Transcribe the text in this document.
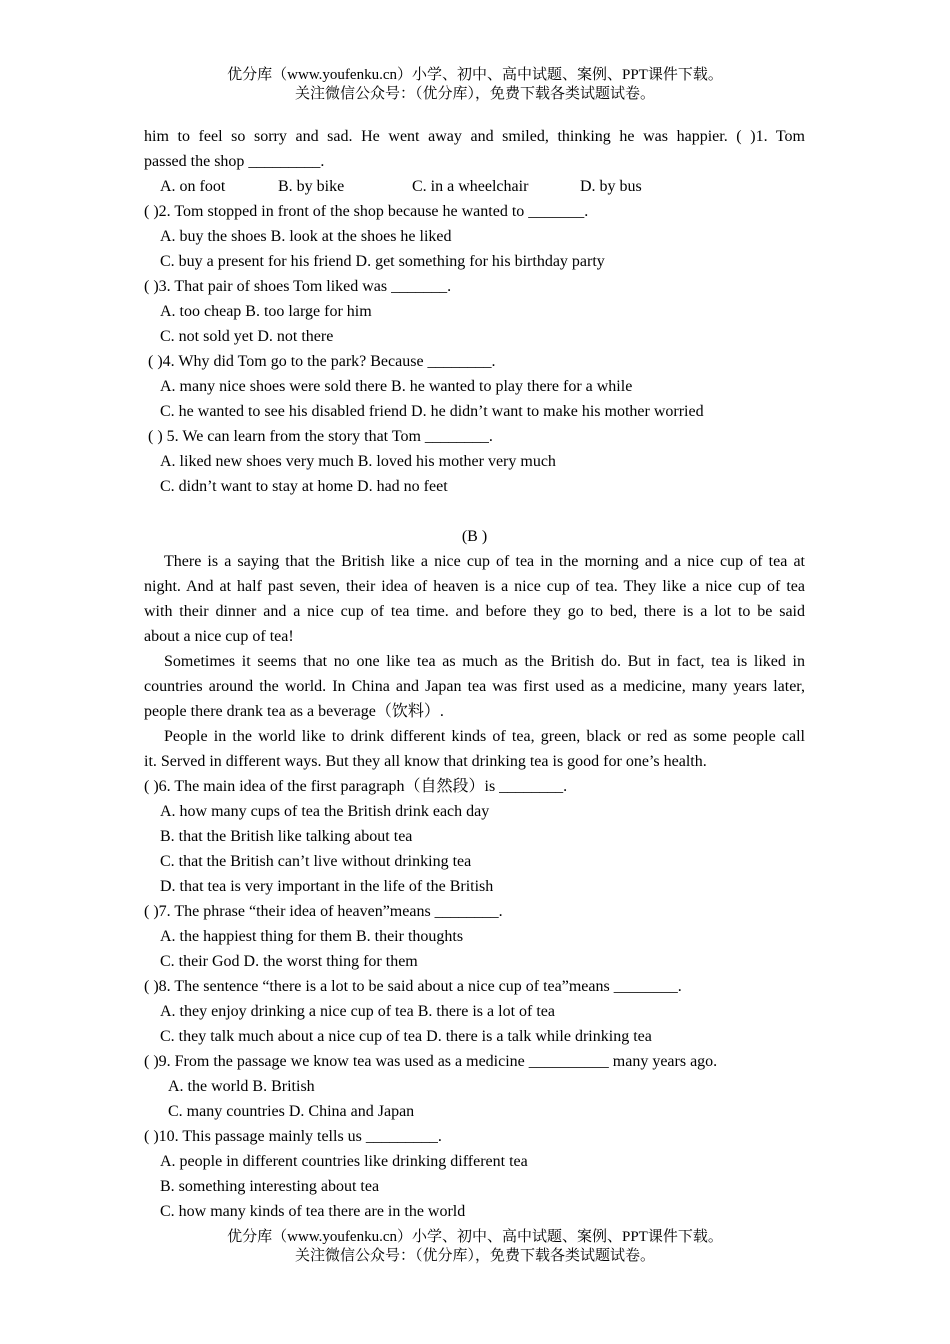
优分库（www.youfenku.cn）小学、初中、高中试题、案例、PPT课件下载。
关注微信公众号：（优分库），免费下载各类试题试卷。
him to feel so sorry and sad. He went away and smiled, thinking he was happier. ( )1. Tom
passed the shop _________.
A. on foot	B. by bike	C. in a wheelchair	D. by bus
( )2. Tom stopped in front of the shop because he wanted to _______.
A. buy the shoes B. look at the shoes he liked
C. buy a present for his friend D. get something for his birthday party
( )3. That pair of shoes Tom liked was _______.
A. too cheap B. too large for him
C. not sold yet D. not there
( )4. Why did Tom go to the park? Because ________.
A. many nice shoes were sold there B. he wanted to play there for a while
C. he wanted to see his disabled friend D. he didn’t want to make his mother worried
( ) 5. We can learn from the story that Tom ________.
A. liked new shoes very much B. loved his mother very much
C. didn’t want to stay at home D. had no feet
(B )
There is a saying that the British like a nice cup of tea in the morning and a nice cup of tea at
night. And at half past seven, their idea of heaven is a nice cup of tea. They like a nice cup of tea
with their dinner and a nice cup of tea time. and before they go to bed, there is a lot to be said
about a nice cup of tea!
Sometimes it seems that no one like tea as much as the British do. But in fact, tea is liked in
countries around the world. In China and Japan tea was first used as a medicine, many years later,
people there drank tea as a beverage（饮料）.
People in the world like to drink different kinds of tea, green, black or red as some people call
it. Served in different ways. But they all know that drinking tea is good for one’s health.
( )6. The main idea of the first paragraph（自然段）is ________.
A. how many cups of tea the British drink each day
B. that the British like talking about tea
C. that the British can’t live without drinking tea
D. that tea is very important in the life of the British
( )7. The phrase “their idea of heaven”means ________.
A. the happiest thing for them B. their thoughts
C. their God D. the worst thing for them
( )8. The sentence “there is a lot to be said about a nice cup of tea”means ________.
A. they enjoy drinking a nice cup of tea B. there is a lot of tea
C. they talk much about a nice cup of tea D. there is a talk while drinking tea
( )9. From the passage we know tea was used as a medicine __________ many years ago.
A. the world B. British
C. many countries D. China and Japan
( )10. This passage mainly tells us _________.
A. people in different countries like drinking different tea
B. something interesting about tea
C. how many kinds of tea there are in the world
优分库（www.youfenku.cn）小学、初中、高中试题、案例、PPT课件下载。
关注微信公众号：（优分库），免费下载各类试题试卷。
